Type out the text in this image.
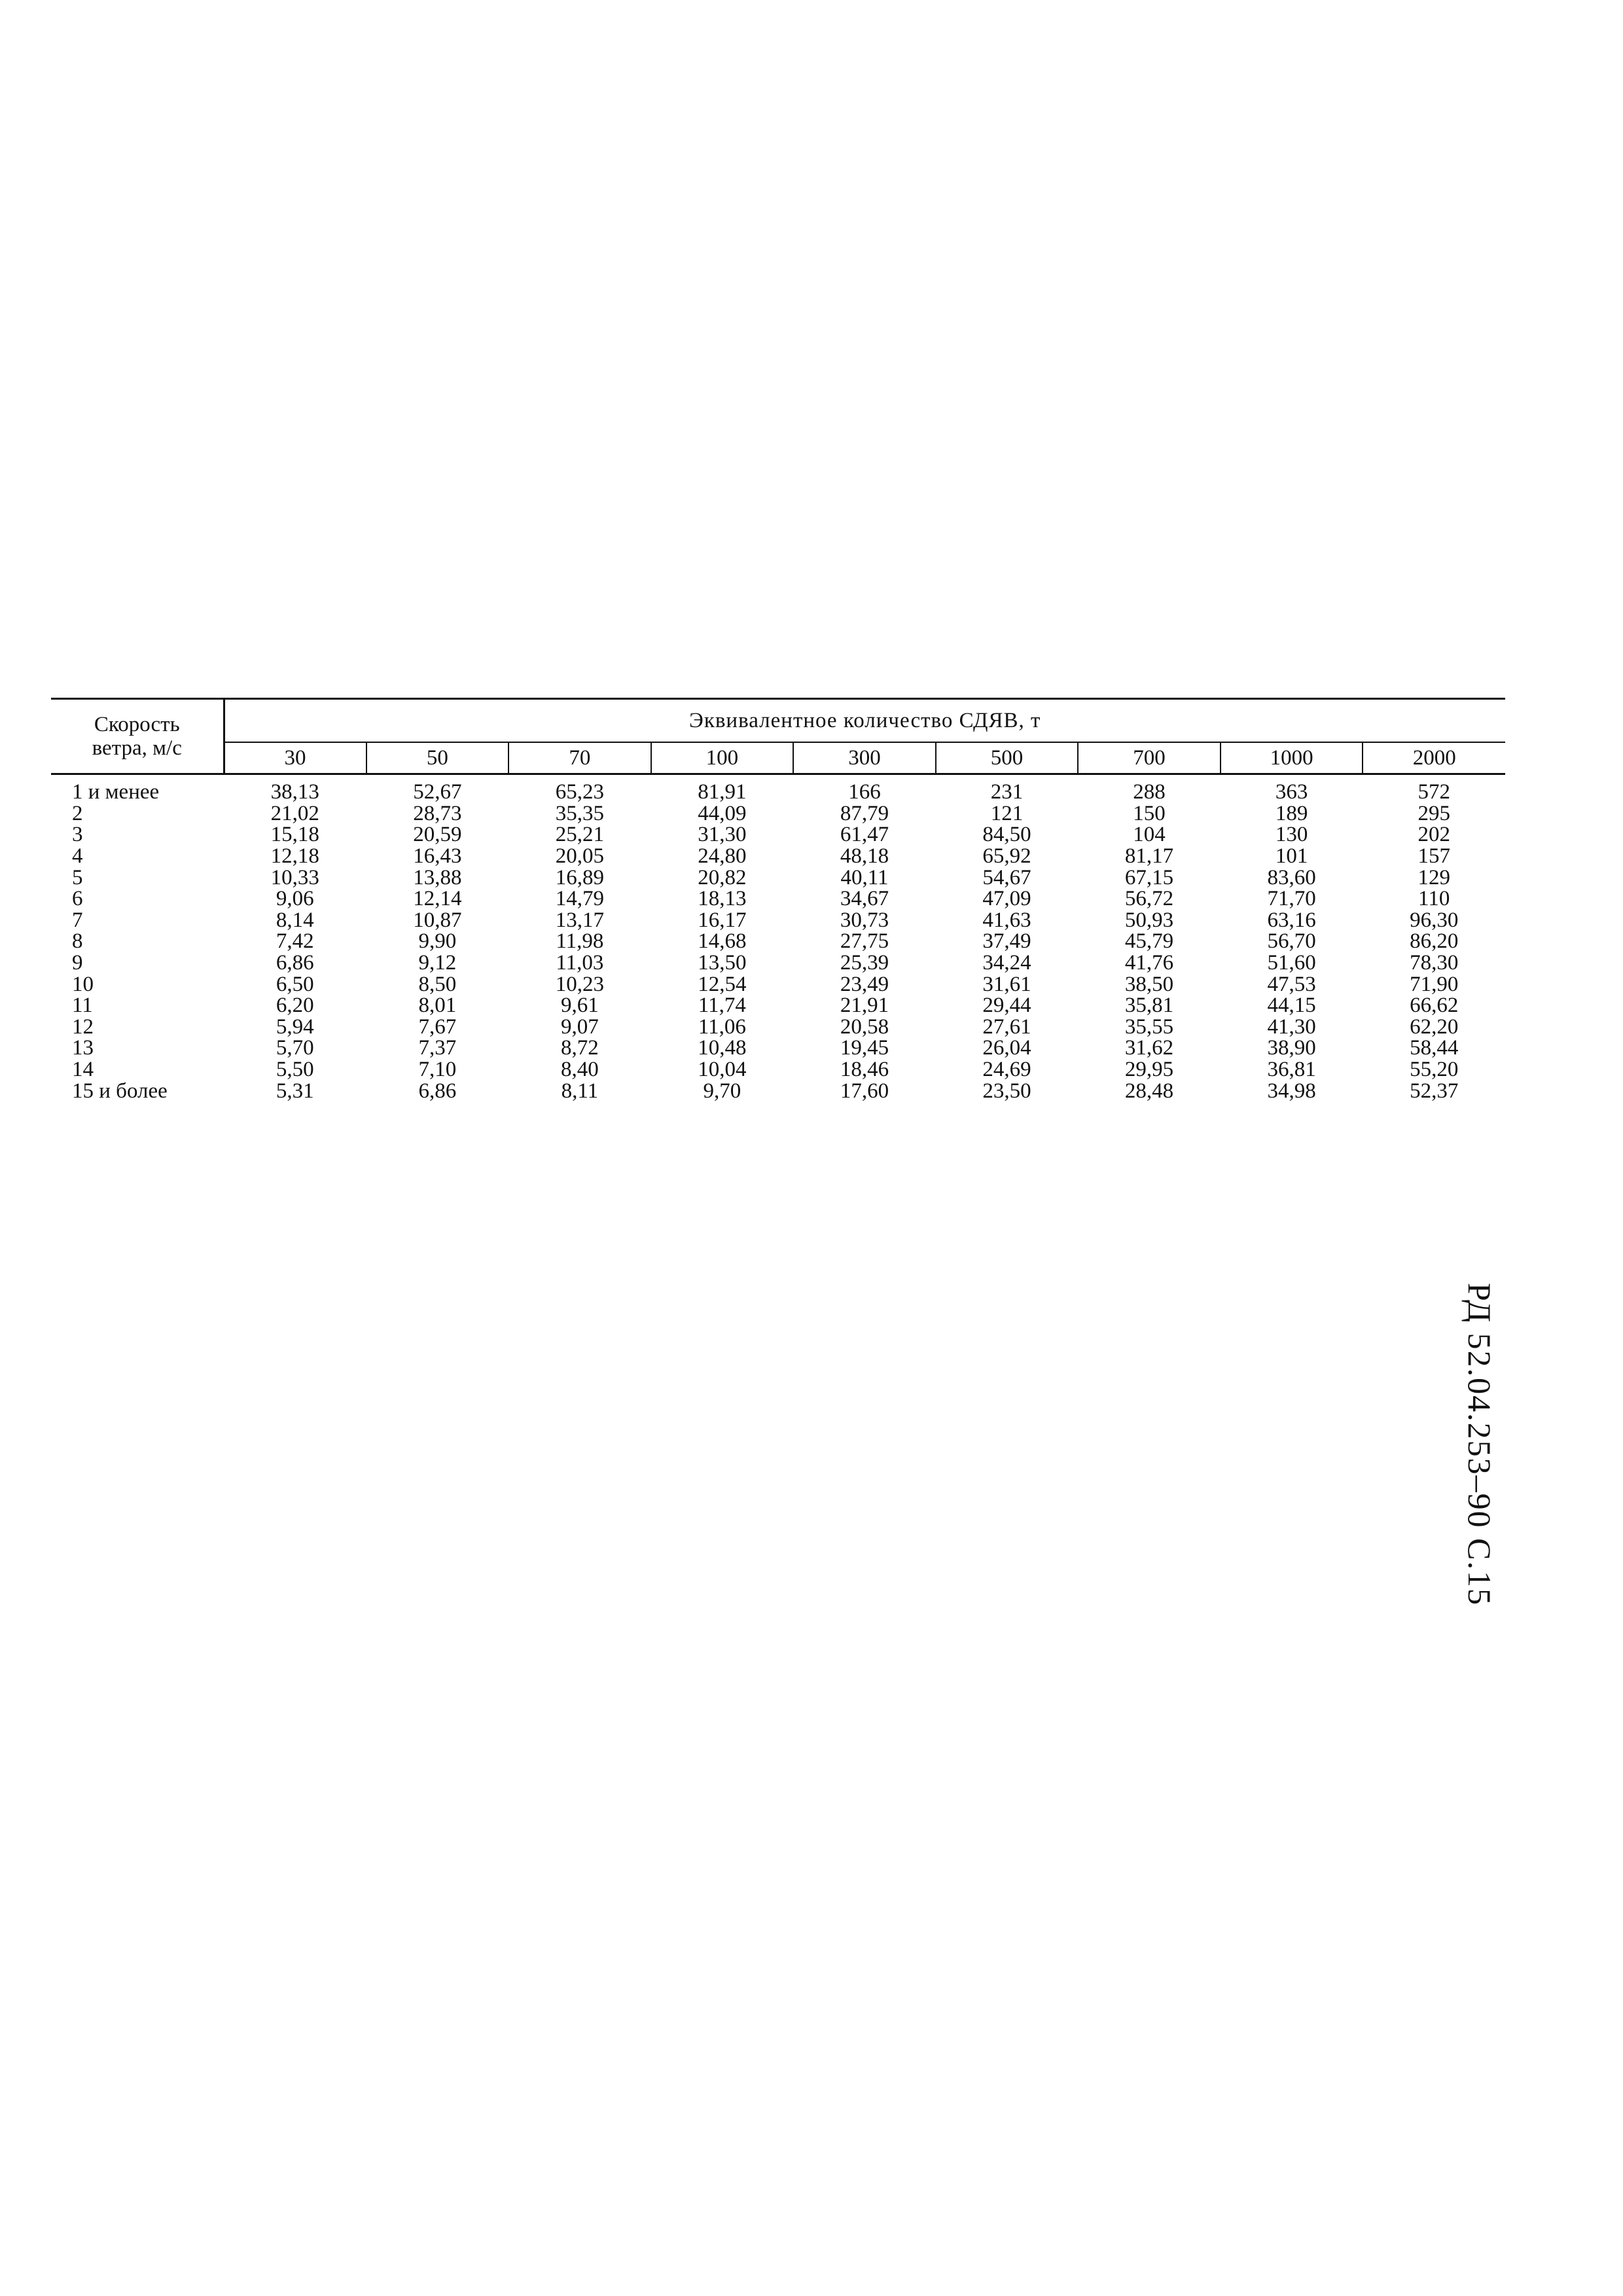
Скорость
ветра, м/с	Эквивалентное количество СДЯВ, т								
	30	50	70	100	300	500	700	1000	2000
1 и менее	38,13	52,67	65,23	81,91	166	231	288	363	572
2	21,02	28,73	35,35	44,09	87,79	121	150	189	295
3	15,18	20,59	25,21	31,30	61,47	84,50	104	130	202
4	12,18	16,43	20,05	24,80	48,18	65,92	81,17	101	157
5	10,33	13,88	16,89	20,82	40,11	54,67	67,15	83,60	129
6	9,06	12,14	14,79	18,13	34,67	47,09	56,72	71,70	110
7	8,14	10,87	13,17	16,17	30,73	41,63	50,93	63,16	96,30
8	7,42	9,90	11,98	14,68	27,75	37,49	45,79	56,70	86,20
9	6,86	9,12	11,03	13,50	25,39	34,24	41,76	51,60	78,30
10	6,50	8,50	10,23	12,54	23,49	31,61	38,50	47,53	71,90
11	6,20	8,01	9,61	11,74	21,91	29,44	35,81	44,15	66,62
12	5,94	7,67	9,07	11,06	20,58	27,61	35,55	41,30	62,20
13	5,70	7,37	8,72	10,48	19,45	26,04	31,62	38,90	58,44
14	5,50	7,10	8,40	10,04	18,46	24,69	29,95	36,81	55,20
15 и более	5,31	6,86	8,11	9,70	17,60	23,50	28,48	34,98	52,37
РД 52.04.253–90 С.15
